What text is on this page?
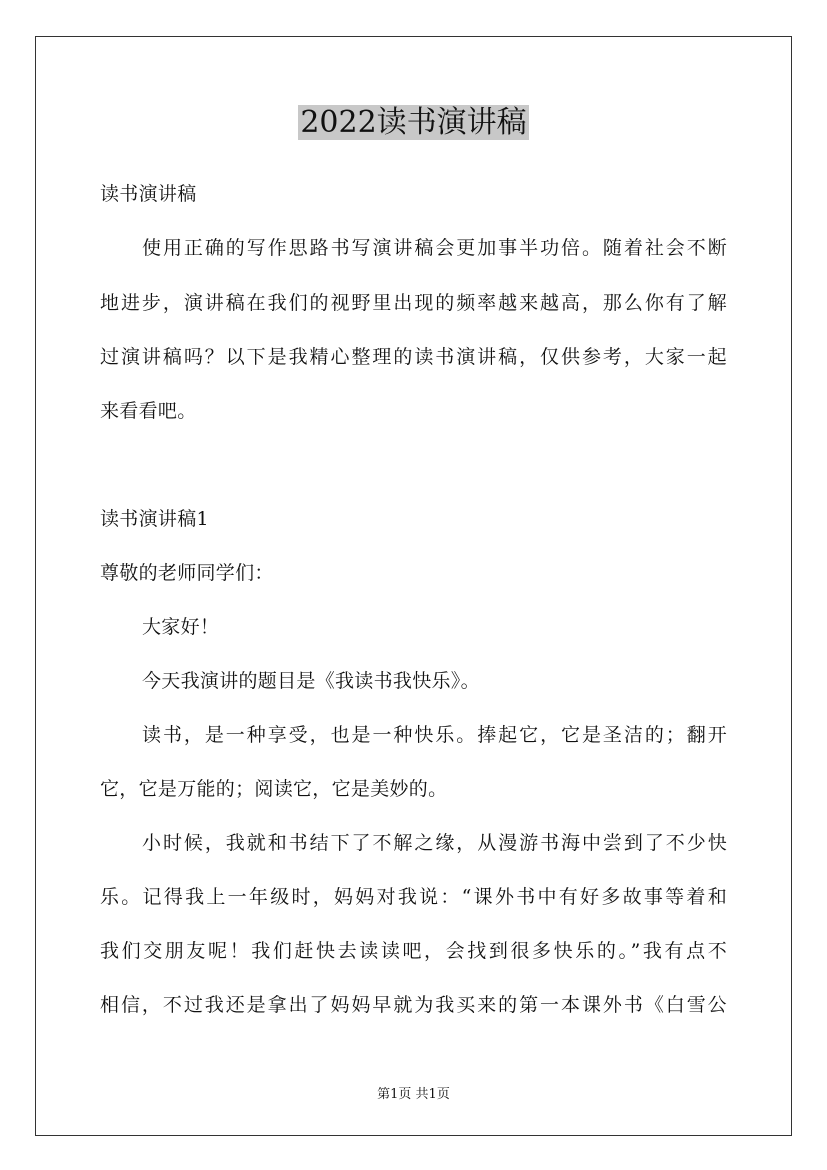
2022读书演讲稿
读书演讲稿
使用正确的写作思路书写演讲稿会更加事半功倍。随着社会不断
地进步，演讲稿在我们的视野里出现的频率越来越高，那么你有了解
过演讲稿吗？以下是我精心整理的读书演讲稿，仅供参考，大家一起
来看看吧。
读书演讲稿1
尊敬的老师同学们：
大家好！
今天我演讲的题目是《我读书我快乐》。
读书，是一种享受，也是一种快乐。捧起它，它是圣洁的；翻开
它，它是万能的；阅读它，它是美妙的。
小时候，我就和书结下了不解之缘，从漫游书海中尝到了不少快
乐。记得我上一年级时，妈妈对我说：“课外书中有好多故事等着和
我们交朋友呢！我们赶快去读读吧，会找到很多快乐的。”我有点不
相信，不过我还是拿出了妈妈早就为我买来的第一本课外书《白雪公
第1页 共1页
